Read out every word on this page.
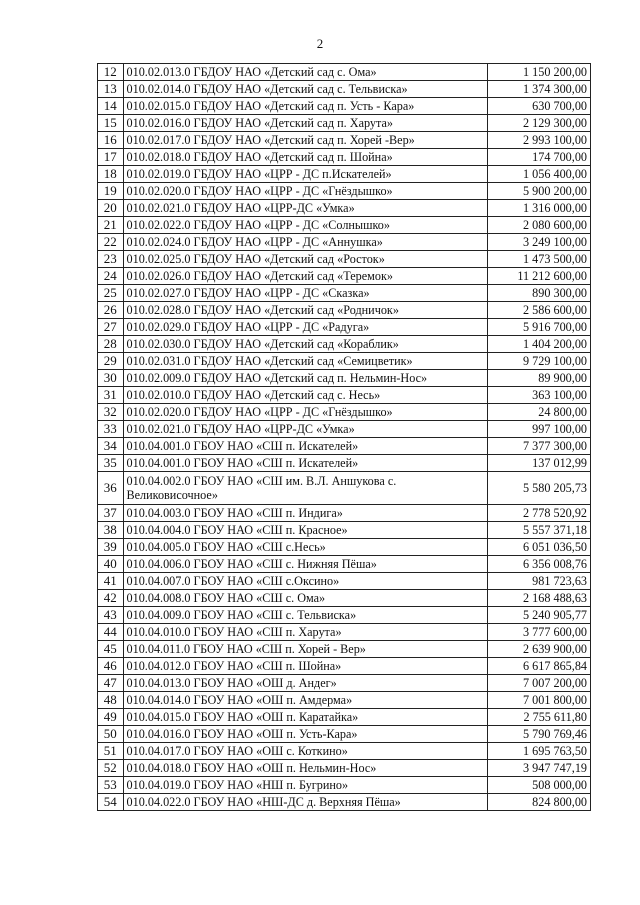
2
12	010.02.013.0 ГБДОУ НАО «Детский сад с. Ома»	1 150 200,00
13	010.02.014.0 ГБДОУ НАО «Детский сад с. Тельвиска»	1 374 300,00
14	010.02.015.0 ГБДОУ НАО «Детский сад п. Усть - Кара»	630 700,00
15	010.02.016.0 ГБДОУ НАО «Детский сад п. Харута»	2 129 300,00
16	010.02.017.0 ГБДОУ НАО «Детский сад п. Хорей -Вер»	2 993 100,00
17	010.02.018.0 ГБДОУ НАО «Детский сад п. Шойна»	174 700,00
18	010.02.019.0 ГБДОУ НАО «ЦРР - ДС п.Искателей»	1 056 400,00
19	010.02.020.0 ГБДОУ НАО «ЦРР - ДС «Гнёздышко»	5 900 200,00
20	010.02.021.0 ГБДОУ НАО «ЦРР-ДС «Умка»	1 316 000,00
21	010.02.022.0 ГБДОУ НАО «ЦРР - ДС «Солнышко»	2 080 600,00
22	010.02.024.0 ГБДОУ НАО «ЦРР - ДС «Аннушка»	3 249 100,00
23	010.02.025.0 ГБДОУ НАО «Детский сад «Росток»	1 473 500,00
24	010.02.026.0 ГБДОУ НАО «Детский сад «Теремок»	11 212 600,00
25	010.02.027.0 ГБДОУ НАО «ЦРР - ДС «Сказка»	890 300,00
26	010.02.028.0 ГБДОУ НАО «Детский сад «Родничок»	2 586 600,00
27	010.02.029.0 ГБДОУ НАО «ЦРР - ДС «Радуга»	5 916 700,00
28	010.02.030.0 ГБДОУ НАО «Детский сад «Кораблик»	1 404 200,00
29	010.02.031.0 ГБДОУ НАО «Детский сад «Семицветик»	9 729 100,00
30	010.02.009.0 ГБДОУ НАО «Детский сад п. Нельмин-Нос»	89 900,00
31	010.02.010.0 ГБДОУ НАО «Детский сад с. Несь»	363 100,00
32	010.02.020.0 ГБДОУ НАО «ЦРР - ДС «Гнёздышко»	24 800,00
33	010.02.021.0 ГБДОУ НАО «ЦРР-ДС «Умка»	997 100,00
34	010.04.001.0 ГБОУ НАО «СШ п. Искателей»	7 377 300,00
35	010.04.001.0 ГБОУ НАО «СШ п. Искателей»	137 012,99
36	010.04.002.0 ГБОУ НАО «СШ им. В.Л. Аншукова с. Великовисочное»	5 580 205,73
37	010.04.003.0 ГБОУ НАО «СШ п. Индига»	2 778 520,92
38	010.04.004.0 ГБОУ НАО «СШ п. Красное»	5 557 371,18
39	010.04.005.0 ГБОУ НАО «СШ с.Несь»	6 051 036,50
40	010.04.006.0 ГБОУ НАО «СШ с. Нижняя Пёша»	6 356 008,76
41	010.04.007.0 ГБОУ НАО «СШ с.Оксино»	981 723,63
42	010.04.008.0 ГБОУ НАО «СШ с. Ома»	2 168 488,63
43	010.04.009.0 ГБОУ НАО «СШ с. Тельвиска»	5 240 905,77
44	010.04.010.0 ГБОУ НАО «СШ п. Харута»	3 777 600,00
45	010.04.011.0 ГБОУ НАО «СШ п. Хорей - Вер»	2 639 900,00
46	010.04.012.0 ГБОУ НАО «СШ п. Шойна»	6 617 865,84
47	010.04.013.0 ГБОУ НАО «ОШ д. Андег»	7 007 200,00
48	010.04.014.0 ГБОУ НАО «ОШ п. Амдерма»	7 001 800,00
49	010.04.015.0 ГБОУ НАО «ОШ п. Каратайка»	2 755 611,80
50	010.04.016.0 ГБОУ НАО «ОШ п. Усть-Кара»	5 790 769,46
51	010.04.017.0 ГБОУ НАО «ОШ с. Коткино»	1 695 763,50
52	010.04.018.0 ГБОУ НАО «ОШ п. Нельмин-Нос»	3 947 747,19
53	010.04.019.0 ГБОУ НАО «НШ п. Бугрино»	508 000,00
54	010.04.022.0 ГБОУ НАО «НШ-ДС д. Верхняя Пёша»	824 800,00
